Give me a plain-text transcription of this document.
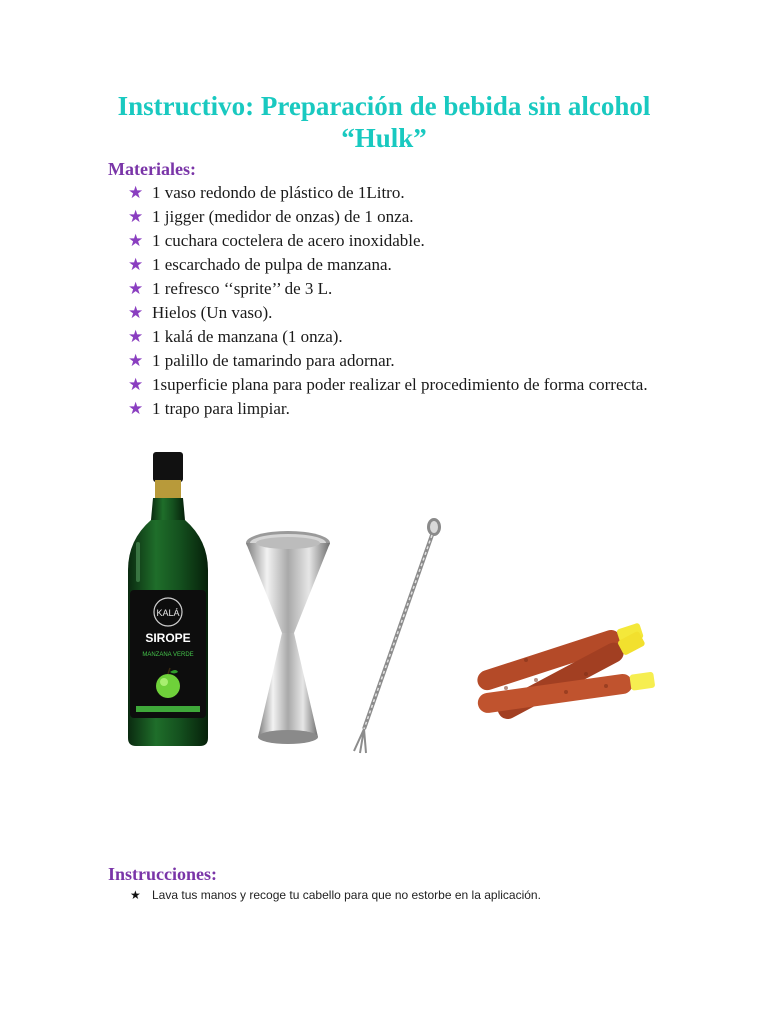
Instructivo: Preparación de bebida sin alcohol
“Hulk”
Materiales:
★ 1 vaso redondo de plástico de 1Litro.
★ 1 jigger (medidor de onzas) de 1 onza.
★ 1 cuchara coctelera de acero inoxidable.
★ 1 escarchado de pulpa de manzana.
★ 1 refresco ‘‘sprite’’ de 3 L.
★ Hielos (Un vaso).
★ 1 kalá de manzana (1 onza).
★ 1 palillo de tamarindo para adornar.
★ 1superficie plana para poder realizar el procedimiento de forma correcta.
★ 1 trapo para limpiar.
KALÁ
SIROPE
MANZANA VERDE
Instrucciones:
★ Lava tus manos y recoge tu cabello para que no estorbe en la aplicación.
